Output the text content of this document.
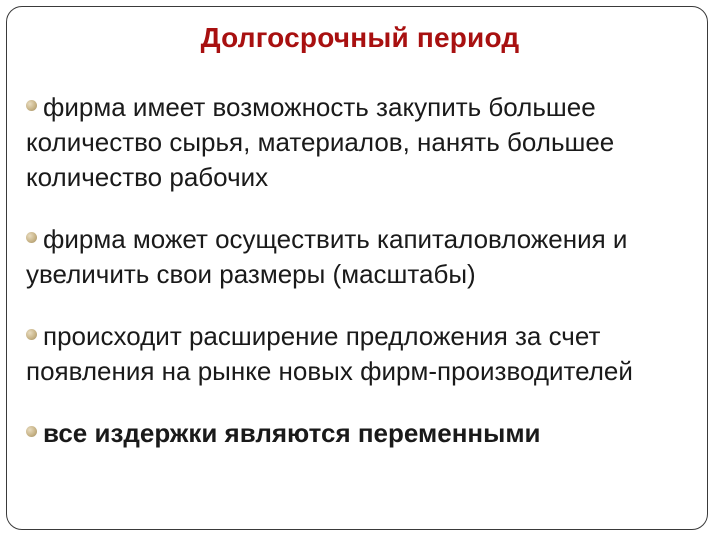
Долгосрочный период
фирма имеет возможность закупить большее количество сырья, материалов, нанять большее количество рабочих
фирма может осуществить капиталовложения и увеличить свои размеры (масштабы)
происходит расширение предложения за счет появления на рынке новых фирм-производителей
все издержки являются переменными
